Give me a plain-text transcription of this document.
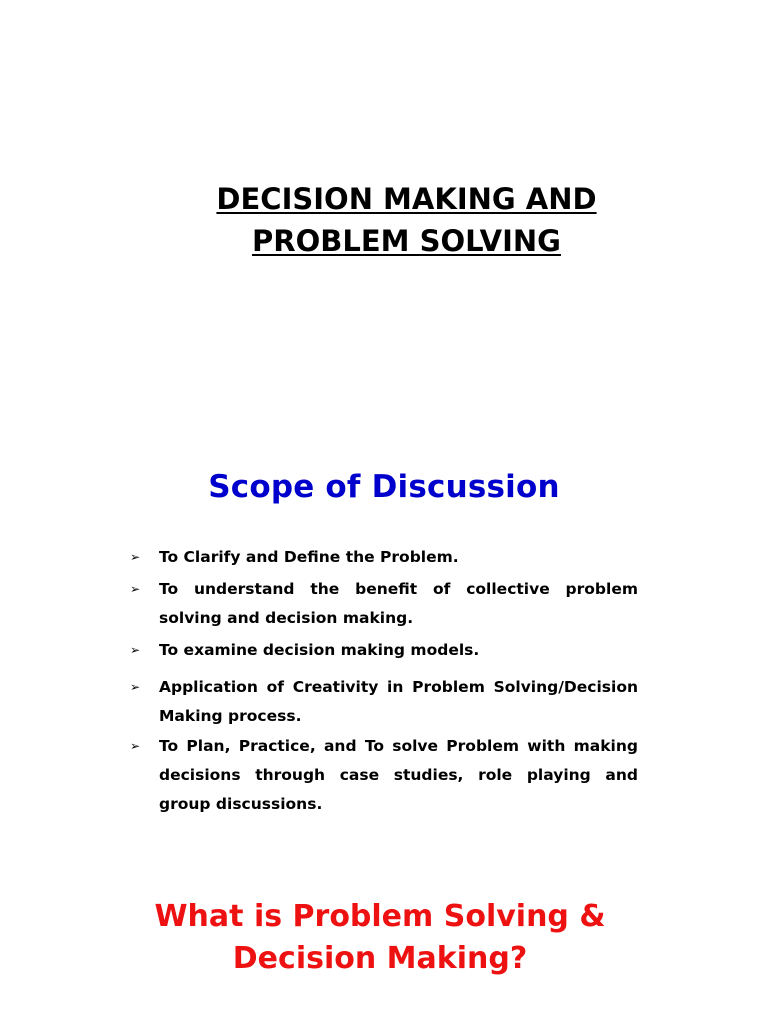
DECISION MAKING AND
PROBLEM SOLVING
Scope of Discussion
➢ To Clarify and Define the Problem.
➢ To understand the benefit of collective problem solving and decision making.
➢ To examine decision making models.
➢ Application of Creativity in Problem Solving/Decision Making process.
➢ To Plan, Practice, and To solve Problem with making decisions through case studies, role playing and group discussions.
What is Problem Solving & Decision Making?
